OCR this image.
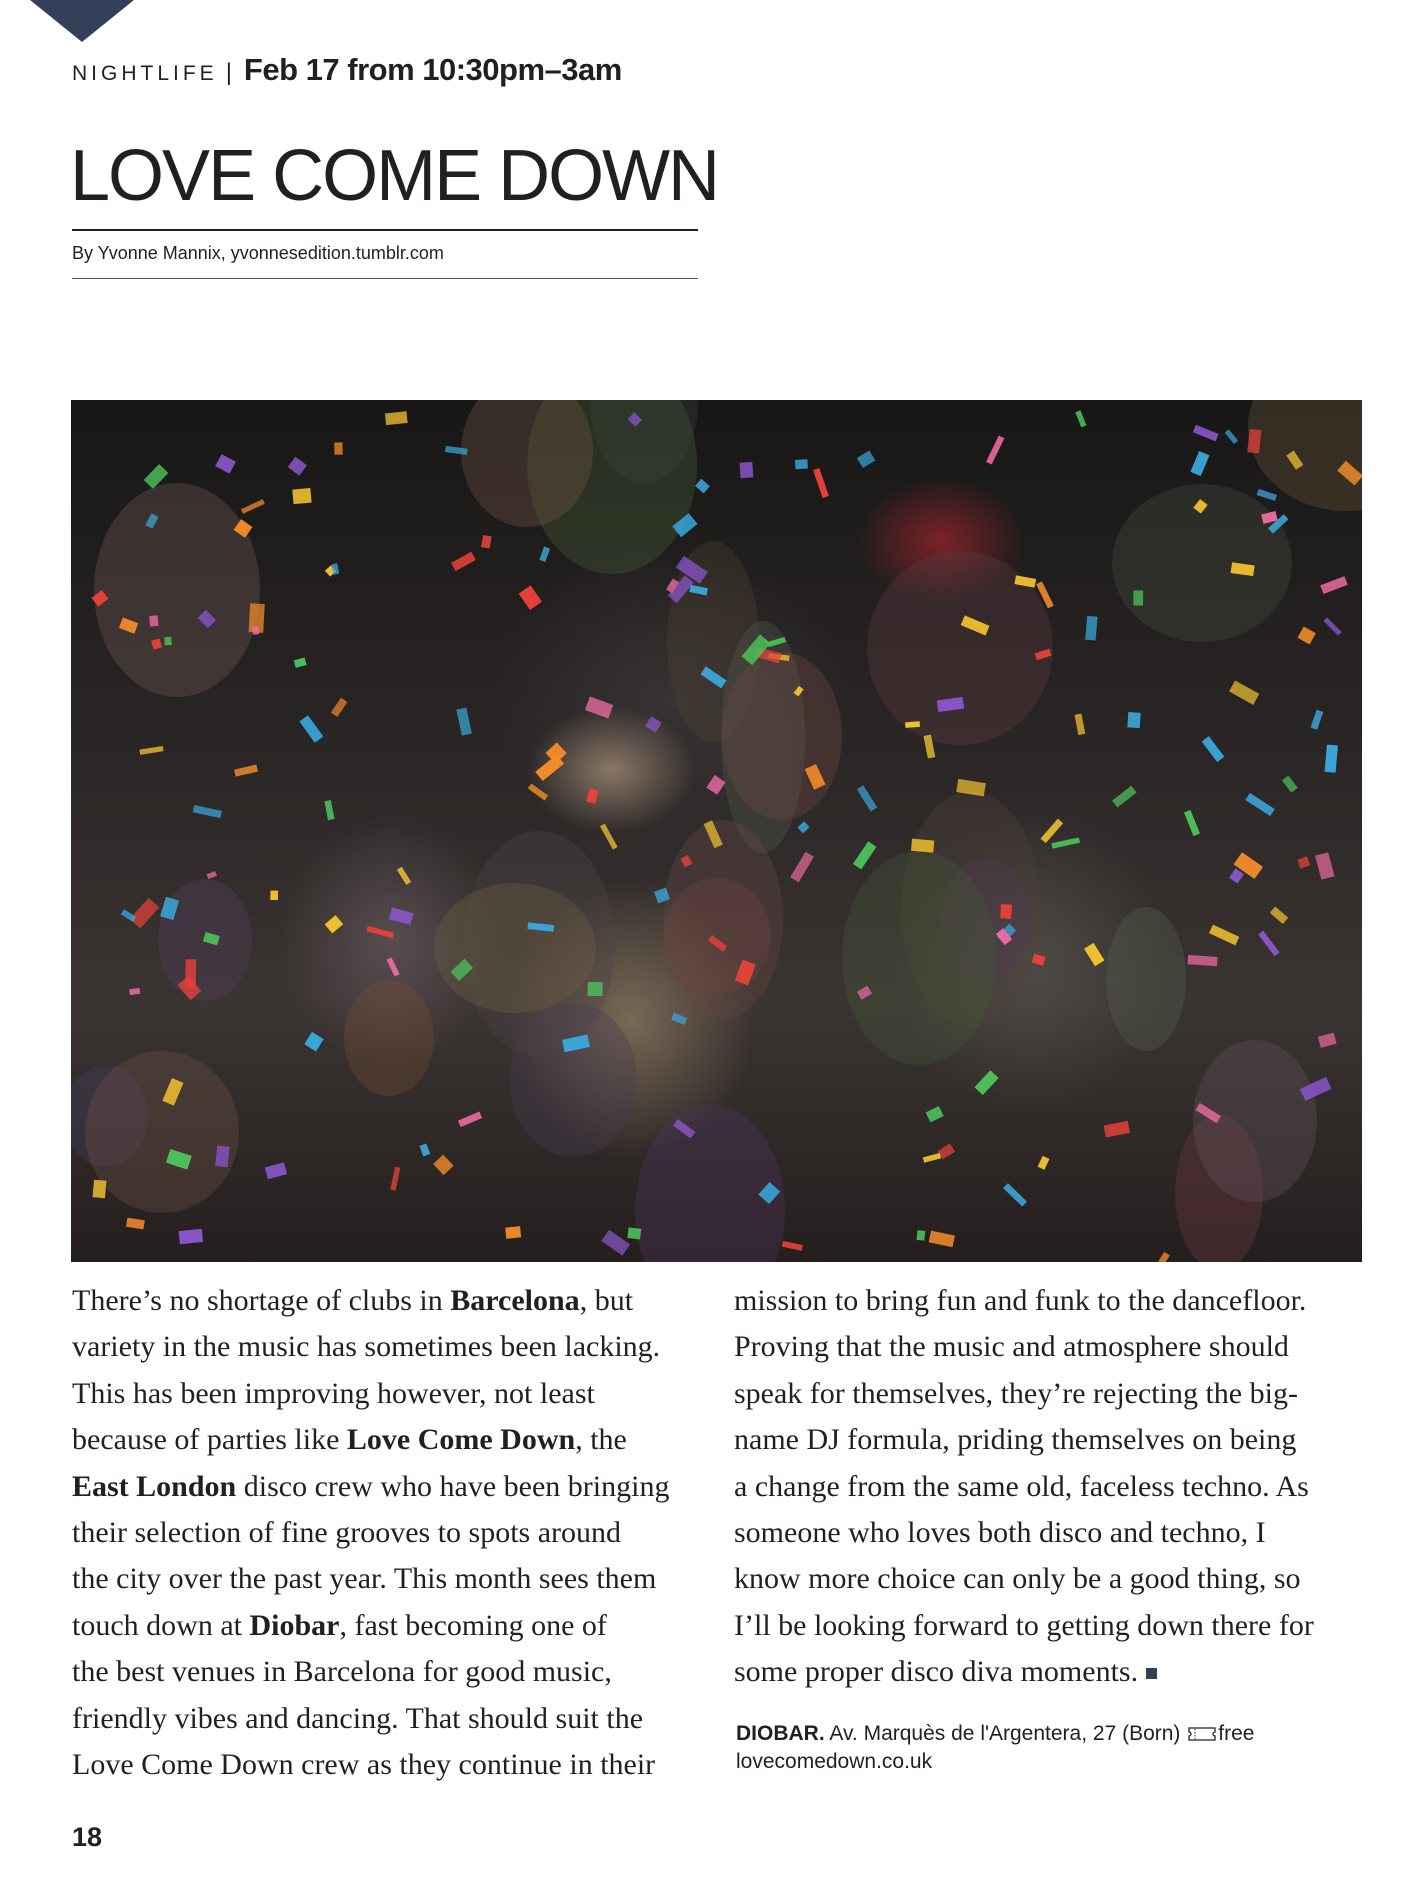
NIGHTLIFE | Feb 17 from 10:30pm–3am
LOVE COME DOWN
By Yvonne Mannix, yvonnesedition.tumblr.com

There’s no shortage of clubs in Barcelona, but
variety in the music has sometimes been lacking.
This has been improving however, not least
because of parties like Love Come Down, the
East London disco crew who have been bringing
their selection of fine grooves to spots around
the city over the past year. This month sees them
touch down at Diobar, fast becoming one of
the best venues in Barcelona for good music,
friendly vibes and dancing. That should suit the
Love Come Down crew as they continue in their

mission to bring fun and funk to the dancefloor.
Proving that the music and atmosphere should
speak for themselves, they’re rejecting the big-
name DJ formula, priding themselves on being
a change from the same old, faceless techno. As
someone who loves both disco and techno, I
know more choice can only be a good thing, so
I’ll be looking forward to getting down there for
some proper disco diva moments.

DIOBAR. Av. Marquès de l'Argentera, 27 (Born) free
lovecomedown.co.uk
18
